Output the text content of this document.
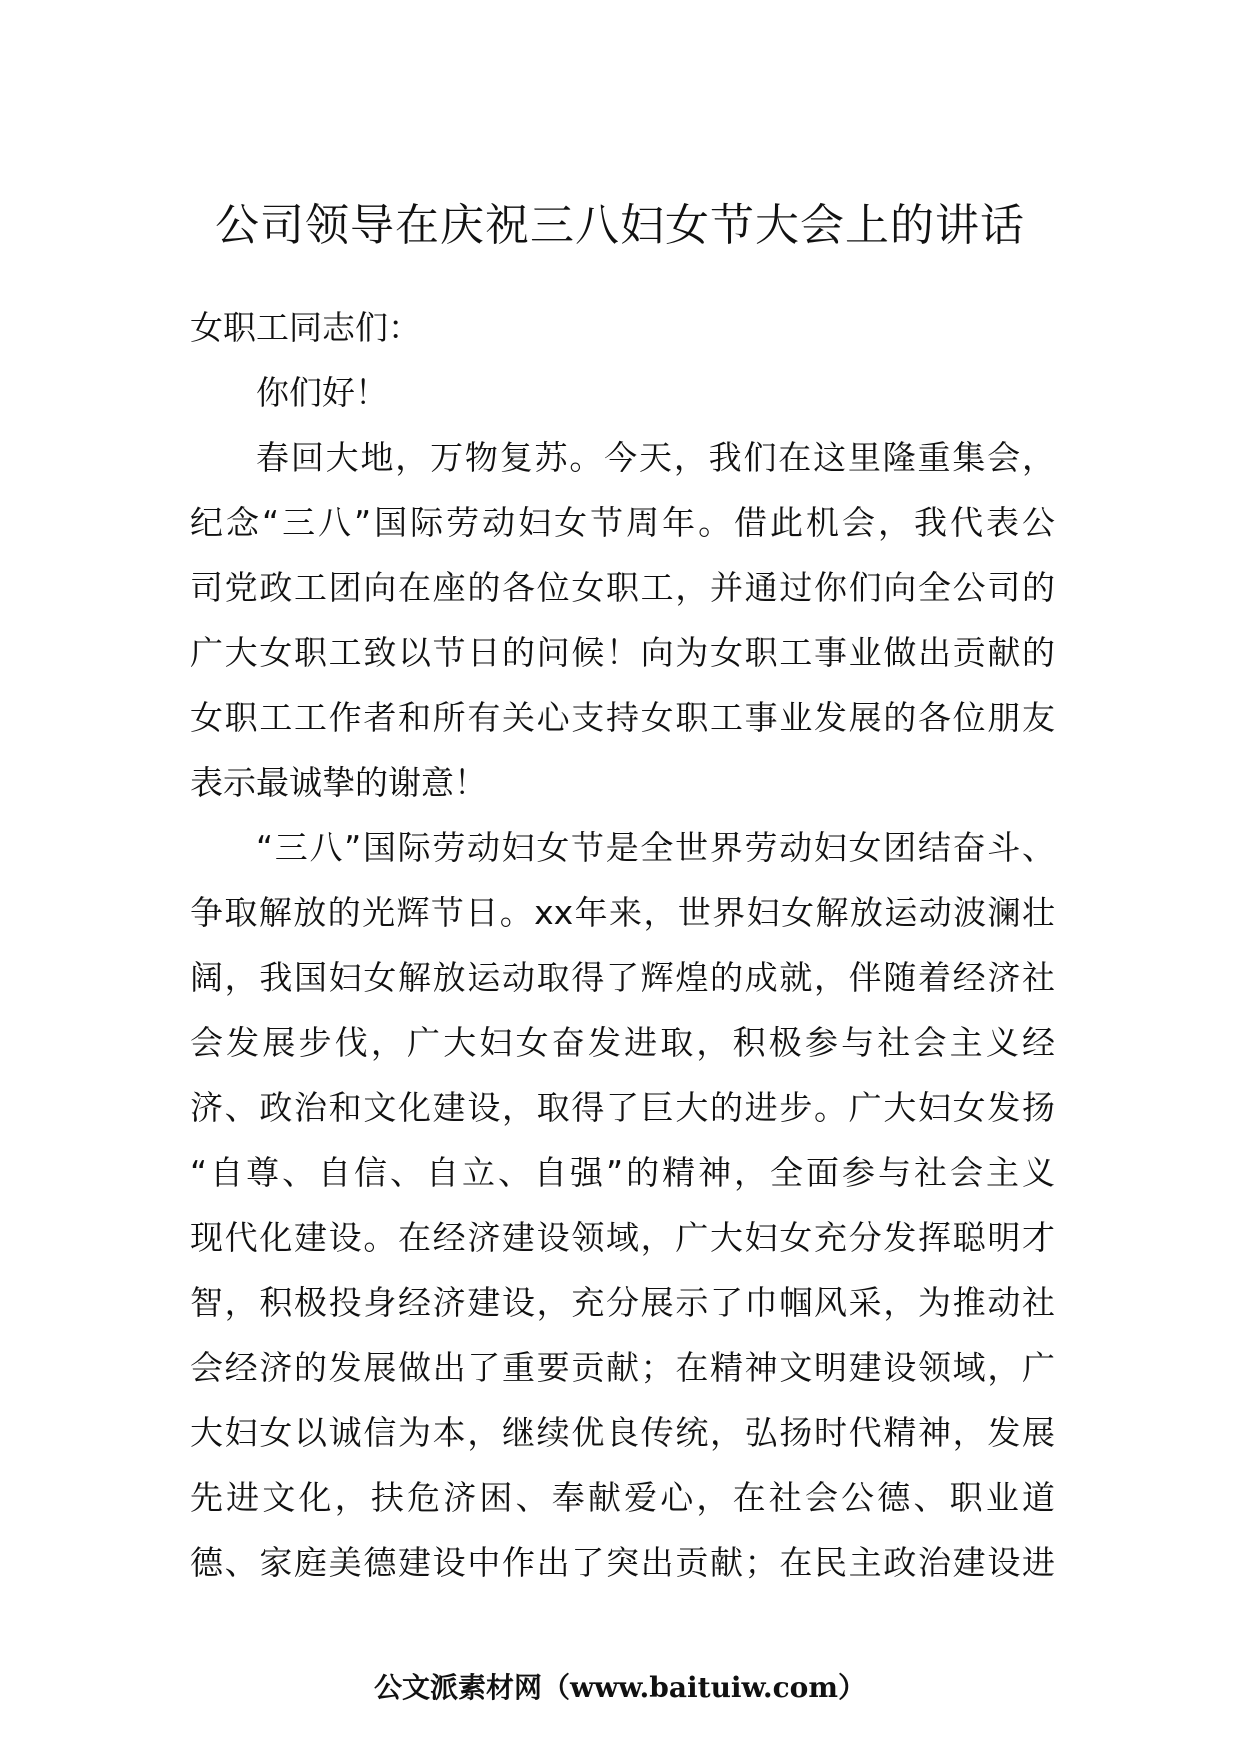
公司领导在庆祝三八妇女节大会上的讲话

女职工同志们：

你们好！

春回大地，万物复苏。今天，我们在这里隆重集会，
纪念“三八”国际劳动妇女节周年。借此机会，我代表公
司党政工团向在座的各位女职工，并通过你们向全公司的
广大女职工致以节日的问候！向为女职工事业做出贡献的
女职工工作者和所有关心支持女职工事业发展的各位朋友
表示最诚挚的谢意！
“三八”国际劳动妇女节是全世界劳动妇女团结奋斗、
争取解放的光辉节日。xx年来，世界妇女解放运动波澜壮
阔，我国妇女解放运动取得了辉煌的成就，伴随着经济社
会发展步伐，广大妇女奋发进取，积极参与社会主义经
济、政治和文化建设，取得了巨大的进步。广大妇女发扬
“自尊、自信、自立、自强”的精神，全面参与社会主义
现代化建设。在经济建设领域，广大妇女充分发挥聪明才
智，积极投身经济建设，充分展示了巾帼风采，为推动社
会经济的发展做出了重要贡献；在精神文明建设领域，广
大妇女以诚信为本，继续优良传统，弘扬时代精神，发展
先进文化，扶危济困、奉献爱心，在社会公德、职业道
德、家庭美德建设中作出了突出贡献；在民主政治建设进
公文派素材网（www.baituiw.com）
